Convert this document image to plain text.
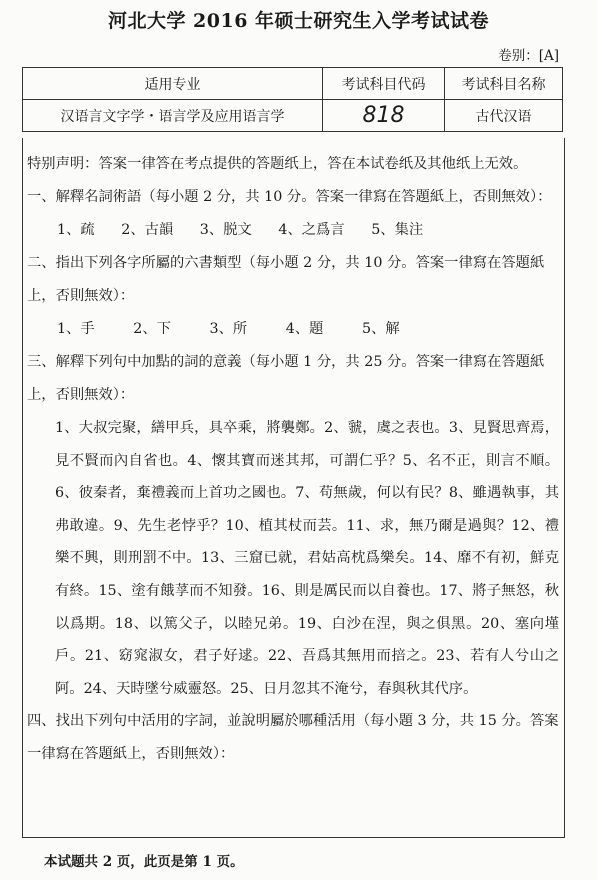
河北大学 2016 年硕士研究生入学考试试卷
卷别：[A]
适用专业	考试科目代码	考试科目名称
汉语言文字学・语言学及应用语言学	818	古代汉语

特别声明：答案一律答在考点提供的答题纸上，答在本试卷纸及其他纸上无效。

一、解釋名詞術語（每小題 2 分，共 10 分。答案一律寫在答題紙上，否則無效）：

1、疏 2、古韻 3、脱文 4、之爲言 5、集注

二、指出下列各字所屬的六書類型（每小題 2 分，共 10 分。答案一律寫在答題紙上，否則無效）：

1、手	2、下	3、所	4、題	5、解

三、解釋下列句中加點的詞的意義（每小題 1 分，共 25 分。答案一律寫在答題紙上，否則無效）：

1、大叔完聚，繕甲兵，具卒乘，將襲鄭。2、虢，虞之表也。3、見賢思齊焉，見不賢而內自省也。4、懷其寶而迷其邦，可謂仁乎？5、名不正，則言不順。6、彼秦者，棄禮義而上首功之國也。7、苟無歲，何以有民？8、雖遇執事，其弗敢違。9、先生老悖乎？10、植其杖而芸。11、求，無乃爾是過與？12、禮樂不興，則刑罰不中。13、三窟已就，君姑高枕爲樂矣。14、靡不有初，鮮克有終。15、塗有餓莩而不知發。16、則是厲民而以自養也。17、將子無怒，秋以爲期。18、以篤父子，以睦兄弟。19、白沙在涅，與之俱黑。20、塞向墐戶。21、窈窕淑女，君子好逑。22、吾爲其無用而掊之。23、若有人兮山之阿。24、天時墜兮威靈怒。25、日月忽其不淹兮，春與秋其代序。

四、找出下列句中活用的字詞，並說明屬於哪種活用（每小題 3 分，共 15 分。答案一律寫在答題紙上，否則無效）：

本试题共 2 页，此页是第 1 页。
